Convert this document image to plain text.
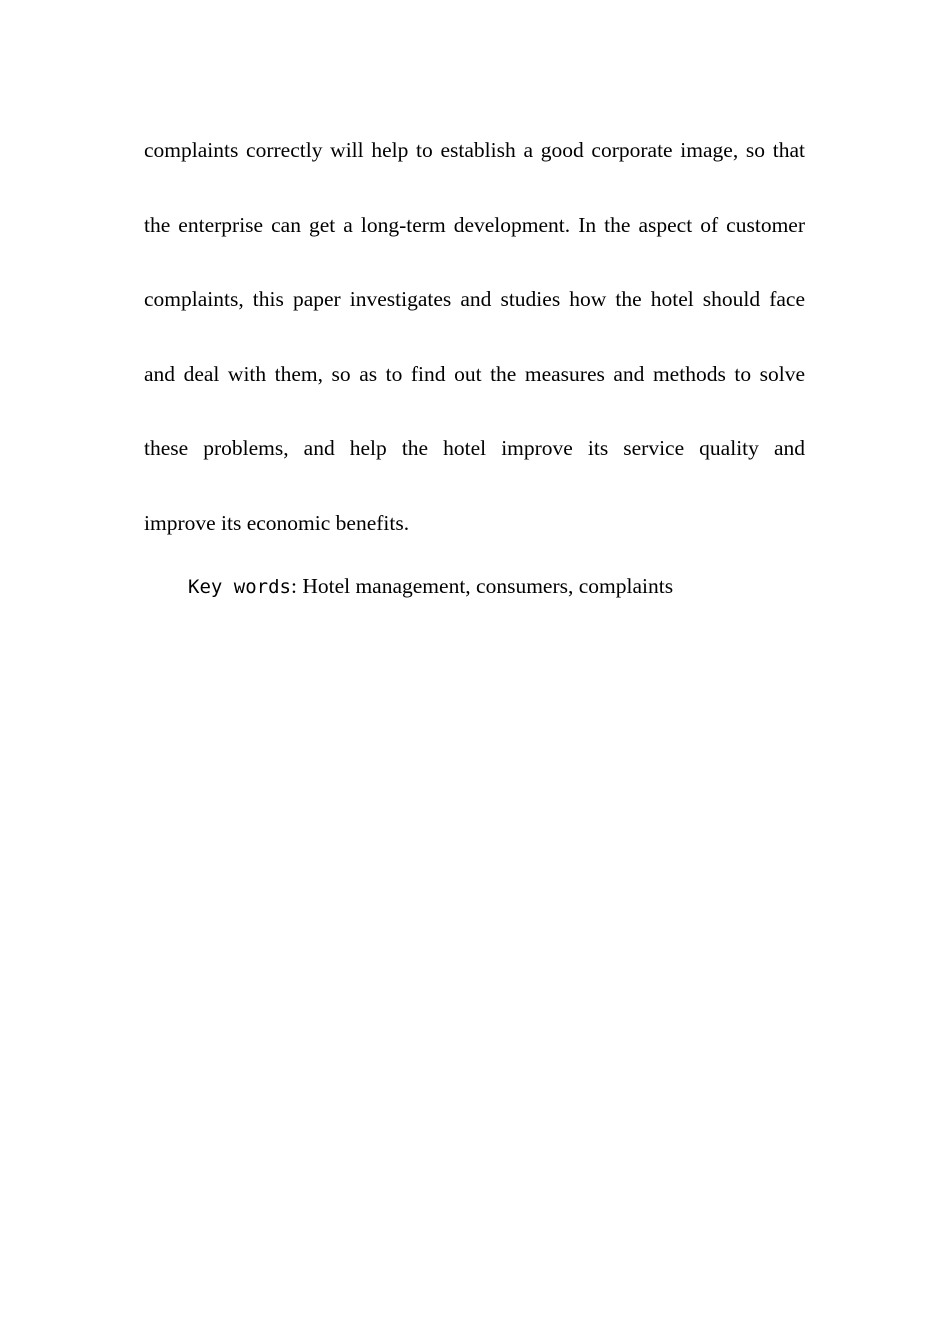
complaints correctly will help to establish a good corporate image, so that
the enterprise can get a long-term development. In the aspect of customer
complaints, this paper investigates and studies how the hotel should face
and deal with them, so as to find out the measures and methods to solve
these problems, and help the hotel improve its service quality and
improve its economic benefits.
Key words: Hotel management, consumers, complaints
